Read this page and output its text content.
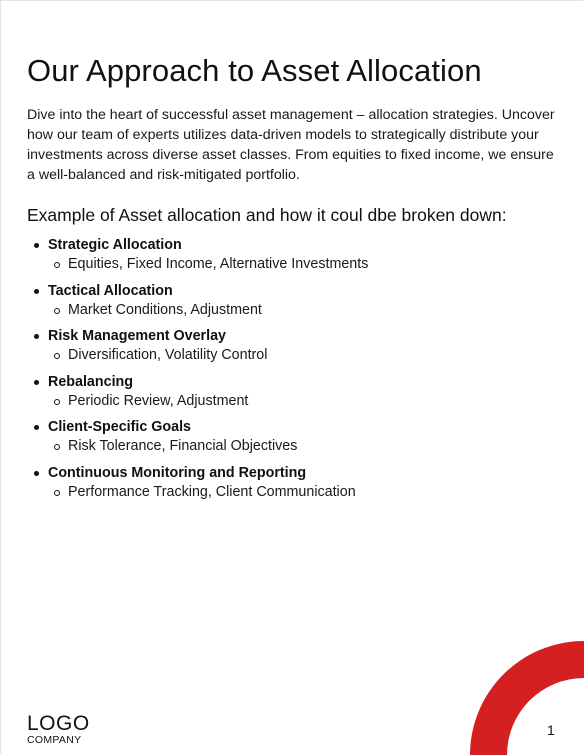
Our Approach to Asset Allocation

Dive into the heart of successful asset management – allocation strategies. Uncover how our team of experts utilizes data-driven models to strategically distribute your investments across diverse asset classes. From equities to fixed income, we ensure a well-balanced and risk-mitigated portfolio.

Example of Asset allocation and how it coul dbe broken down:
Strategic Allocation
Equities, Fixed Income, Alternative Investments
Tactical Allocation
Market Conditions, Adjustment
Risk Management Overlay
Diversification, Volatility Control
Rebalancing
Periodic Review, Adjustment
Client-Specific Goals
Risk Tolerance, Financial Objectives
Continuous Monitoring and Reporting
Performance Tracking, Client Communication
LOGO
COMPANY
1
